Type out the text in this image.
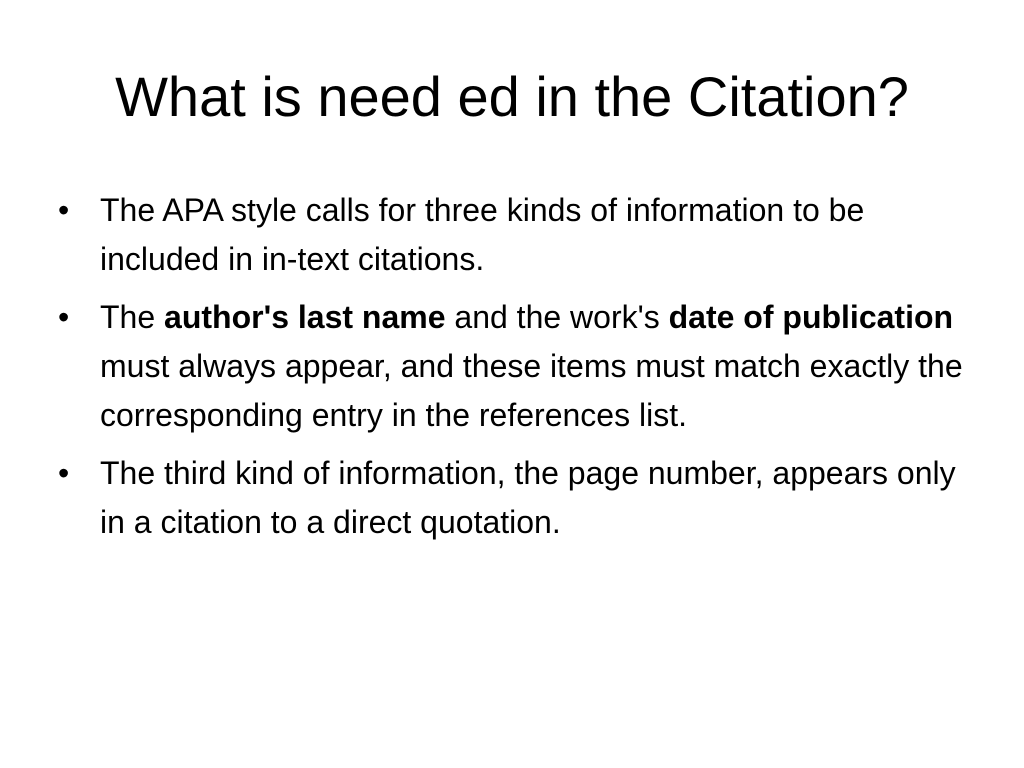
What is need ed in the Citation?
• The APA style calls for three kinds of information to be included in in-text citations.
• The author's last name and the work's date of publication must always appear, and these items must match exactly the corresponding entry in the references list.
• The third kind of information, the page number, appears only in a citation to a direct quotation.
